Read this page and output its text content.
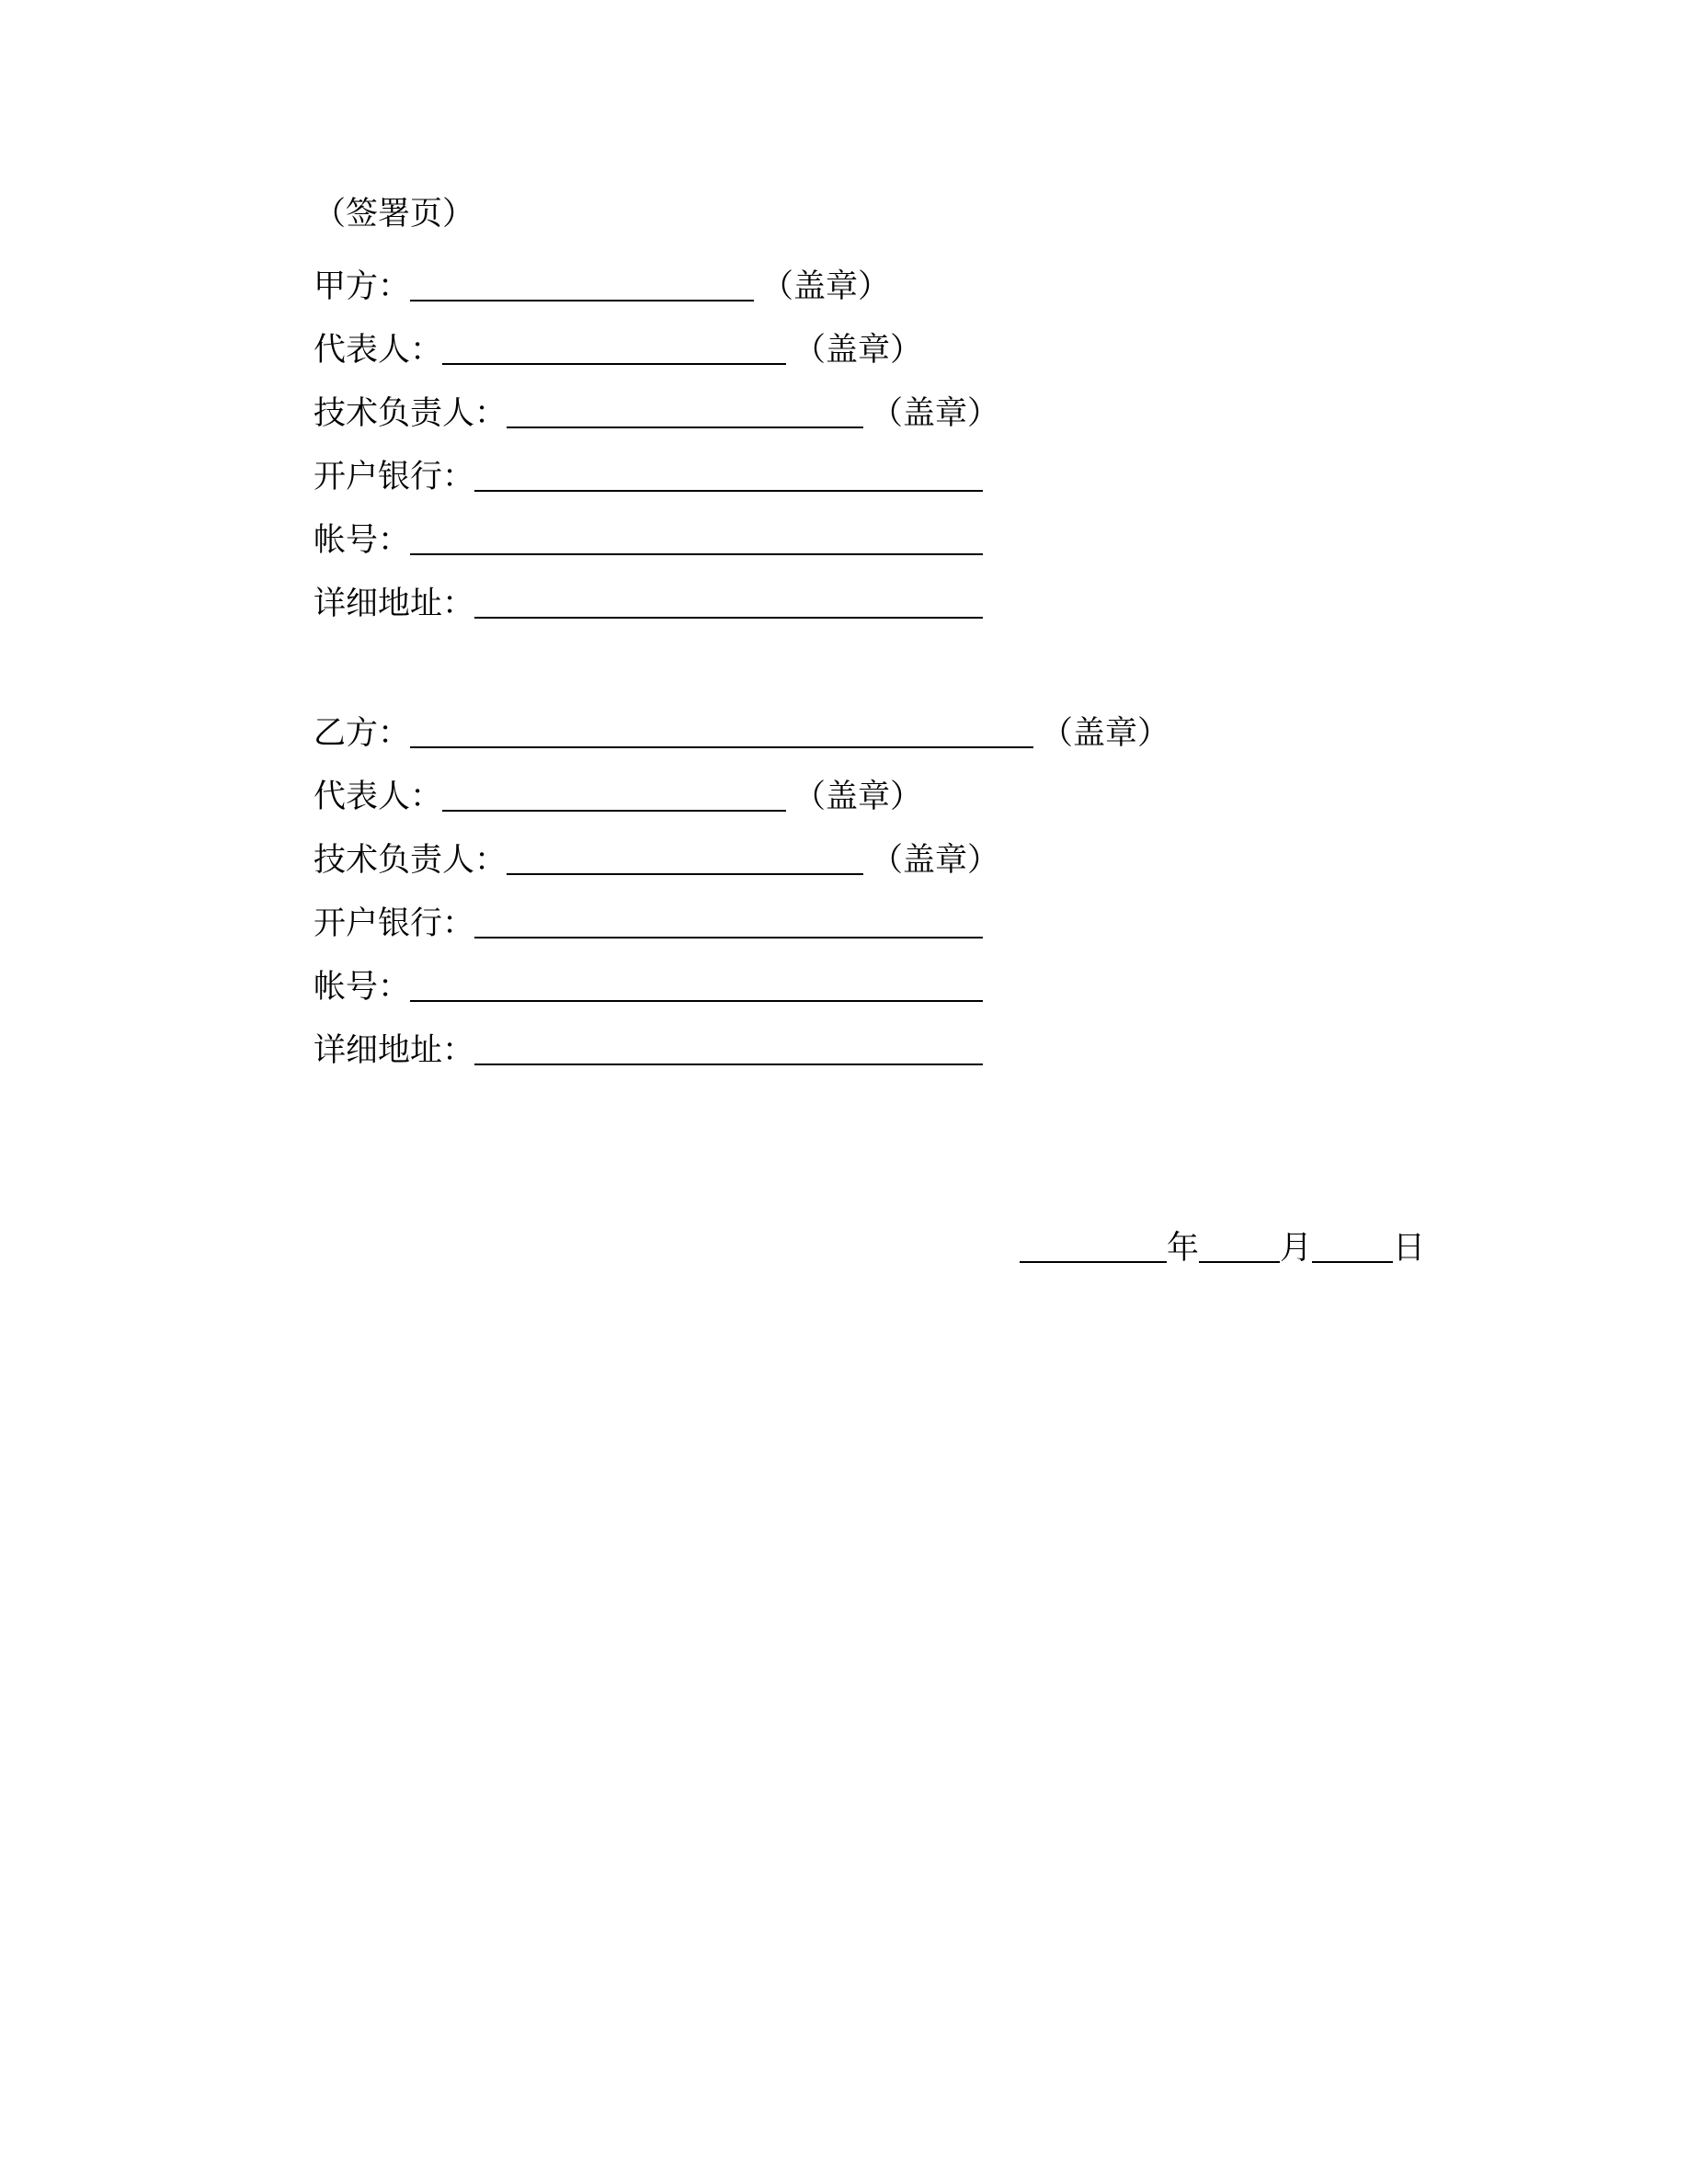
（签署页）
甲方：	（盖章）
代表人：	（盖章）
技术负责人：	（盖章）
开户银行：
帐号：
详细地址：
乙方：	（盖章）
代表人：	（盖章）
技术负责人：	（盖章）
开户银行：
帐号：
详细地址：
年	月	日
